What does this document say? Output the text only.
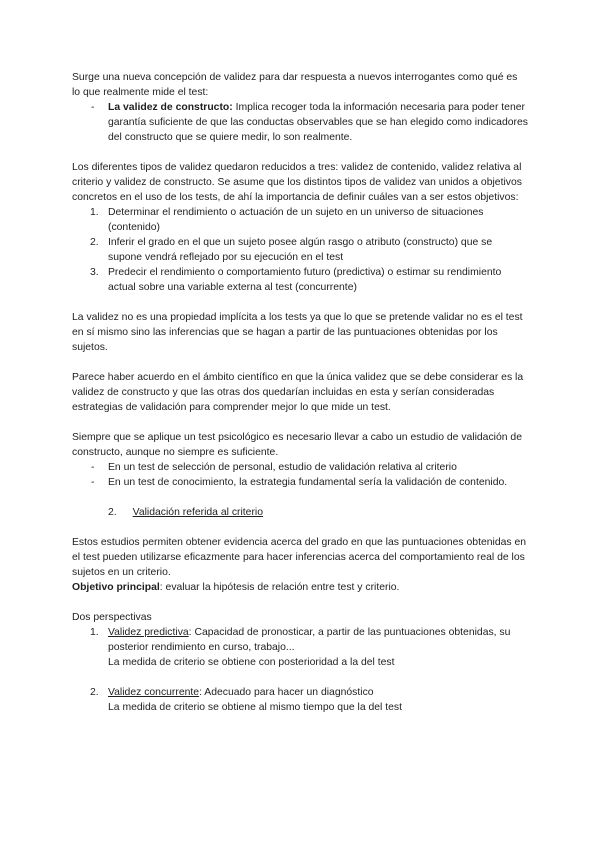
Surge una nueva concepción de validez para dar respuesta a nuevos interrogantes como qué es lo que realmente mide el test:

- La validez de constructo: Implica recoger toda la información necesaria para poder tener garantía suficiente de que las conductas observables que se han elegido como indicadores del constructo que se quiere medir, lo son realmente.

Los diferentes tipos de validez quedaron reducidos a tres: validez de contenido, validez relativa al criterio y validez de constructo. Se asume que los distintos tipos de validez van unidos a objetivos concretos en el uso de los tests, de ahí la importancia de definir cuáles van a ser estos objetivos:

1. Determinar el rendimiento o actuación de un sujeto en un universo de situaciones (contenido)
2. Inferir el grado en el que un sujeto posee algún rasgo o atributo (constructo) que se supone vendrá reflejado por su ejecución en el test
3. Predecir el rendimiento o comportamiento futuro (predictiva) o estimar su rendimiento actual sobre una variable externa al test (concurrente)

La validez no es una propiedad implícita a los tests ya que lo que se pretende validar no es el test en sí mismo sino las inferencias que se hagan a partir de las puntuaciones obtenidas por los sujetos.

Parece haber acuerdo en el ámbito científico en que la única validez que se debe considerar es la validez de constructo y que las otras dos quedarían incluidas en esta y serían consideradas estrategias de validación para comprender mejor lo que mide un test.

Siempre que se aplique un test psicológico es necesario llevar a cabo un estudio de validación de constructo, aunque no siempre es suficiente.

- En un test de selección de personal, estudio de validación relativa al criterio
- En un test de conocimiento, la estrategia fundamental sería la validación de contenido.
2. Validación referida al criterio

Estos estudios permiten obtener evidencia acerca del grado en que las puntuaciones obtenidas en el test pueden utilizarse eficazmente para hacer inferencias acerca del comportamiento real de los sujetos en un criterio.

Objetivo principal: evaluar la hipótesis de relación entre test y criterio.

Dos perspectivas

1. Validez predictiva: Capacidad de pronosticar, a partir de las puntuaciones obtenidas, su posterior rendimiento en curso, trabajo...

La medida de criterio se obtiene con posterioridad a la del test

2. Validez concurrente: Adecuado para hacer un diagnóstico

La medida de criterio se obtiene al mismo tiempo que la del test
